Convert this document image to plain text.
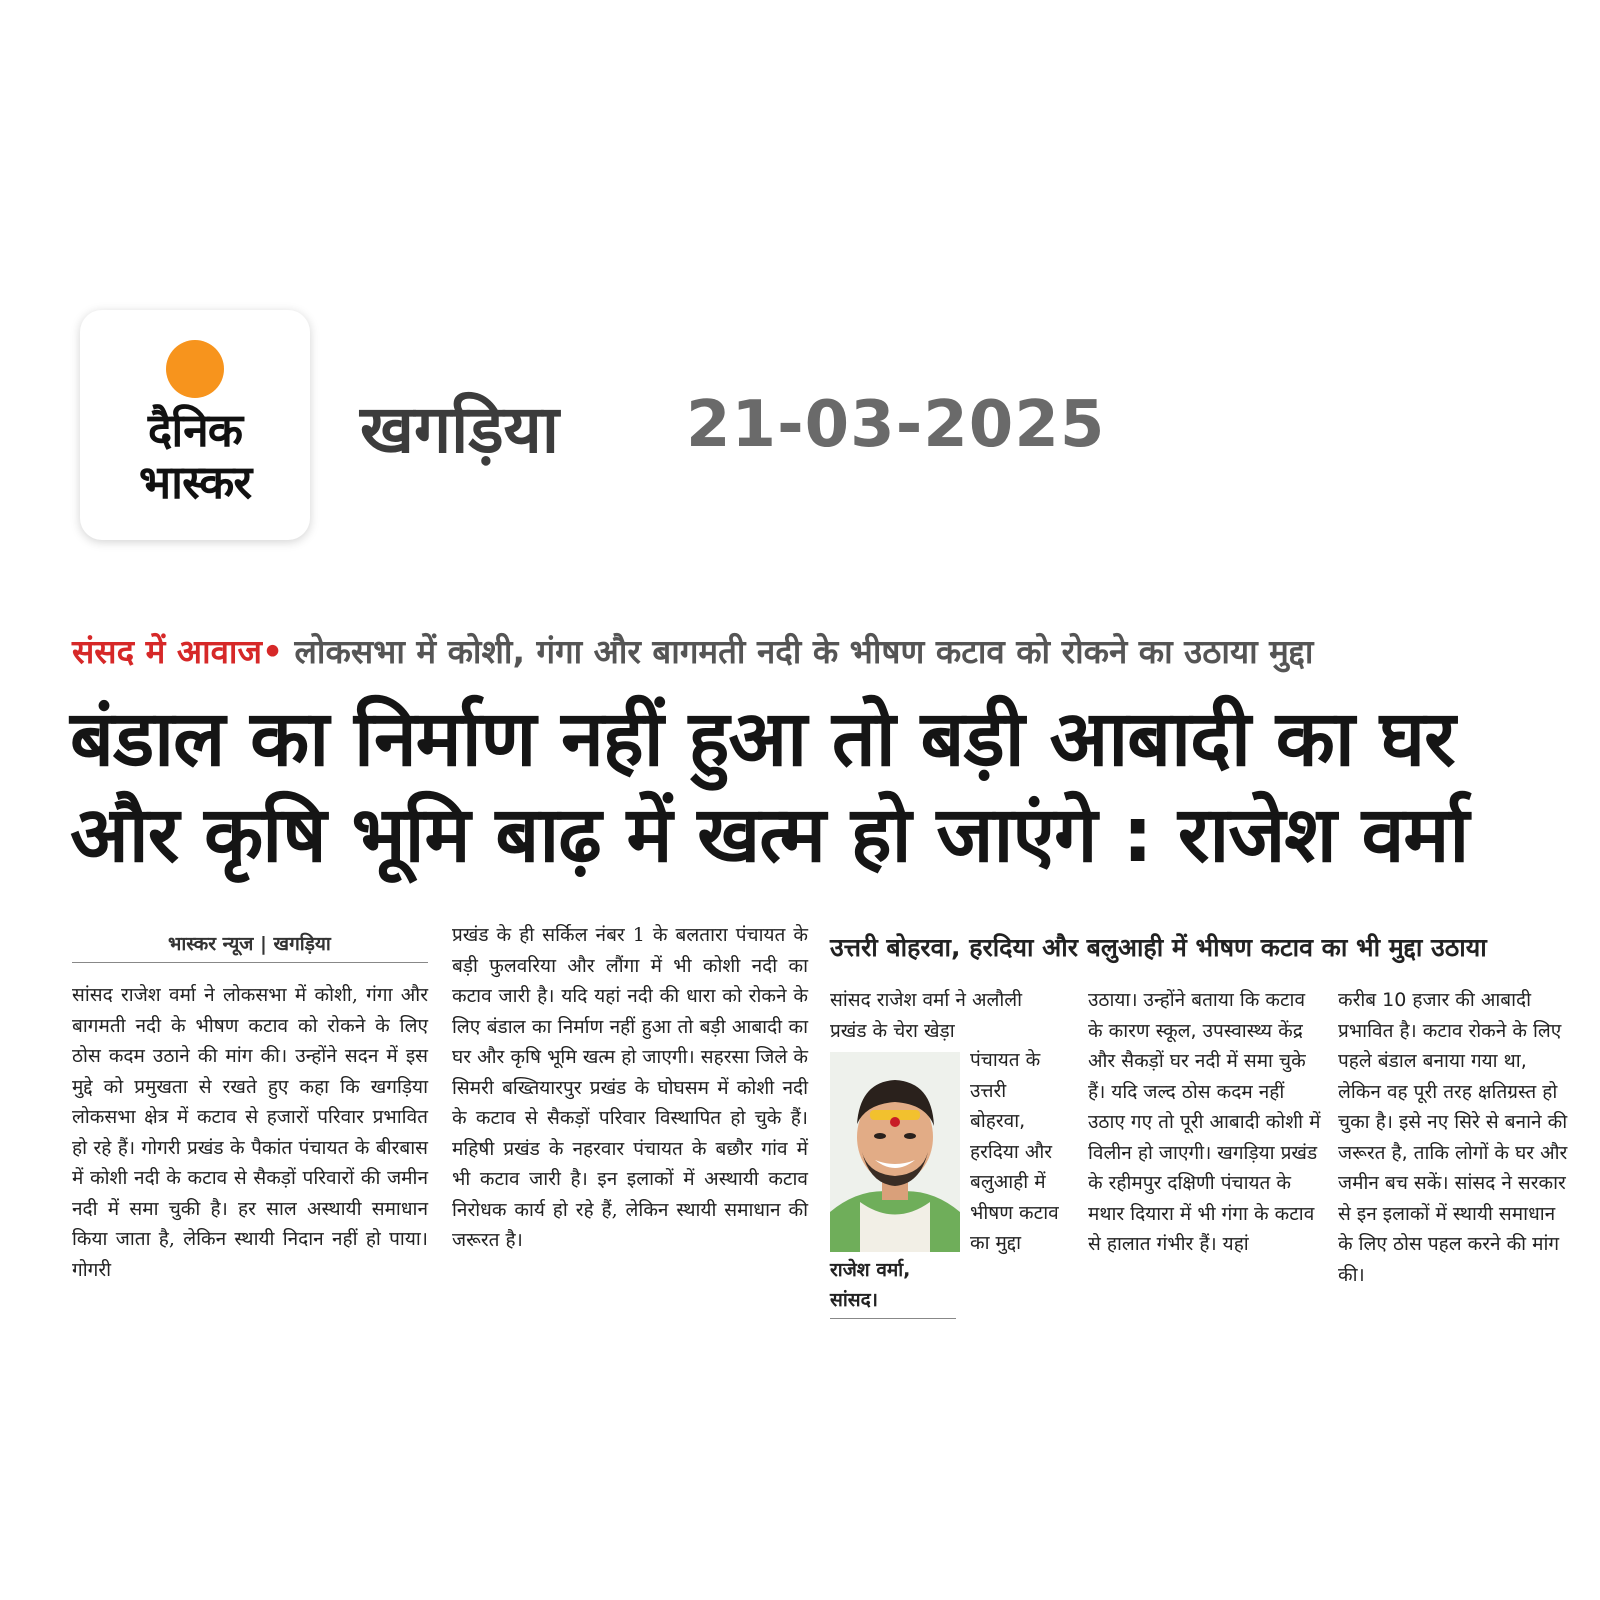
दैनिक
भास्कर
खगड़िया 21-03-2025
संसद में आवाज• लोकसभा में कोशी, गंगा और बागमती नदी के भीषण कटाव को रोकने का उठाया मुद्दा
बंडाल का निर्माण नहीं हुआ तो बड़ी आबादी का घर
और कृषि भूमि बाढ़ में खत्म हो जाएंगे : राजेश वर्मा
भास्कर न्यूज | खगड़िया
सांसद राजेश वर्मा ने लोकसभा में कोशी, गंगा और बागमती नदी के भीषण कटाव को रोकने के लिए ठोस कदम उठाने की मांग की। उन्होंने सदन में इस मुद्दे को प्रमुखता से रखते हुए कहा कि खगड़िया लोकसभा क्षेत्र में कटाव से हजारों परिवार प्रभावित हो रहे हैं। गोगरी प्रखंड के पैकांत पंचायत के बीरबास में कोशी नदी के कटाव से सैकड़ों परिवारों की जमीन नदी में समा चुकी है। हर साल अस्थायी समाधान किया जाता है, लेकिन स्थायी निदान नहीं हो पाया। गोगरी
प्रखंड के ही सर्किल नंबर 1 के बलतारा पंचायत के बड़ी फुलवरिया और लौंगा में भी कोशी नदी का कटाव जारी है। यदि यहां नदी की धारा को रोकने के लिए बंडाल का निर्माण नहीं हुआ तो बड़ी आबादी का घर और कृषि भूमि खत्म हो जाएगी। सहरसा जिले के सिमरी बख्तियारपुर प्रखंड के घोघसम में कोशी नदी के कटाव से सैकड़ों परिवार विस्थापित हो चुके हैं। महिषी प्रखंड के नहरवार पंचायत के बछौर गांव में भी कटाव जारी है। इन इलाकों में अस्थायी कटाव निरोधक कार्य हो रहे हैं, लेकिन स्थायी समाधान की जरूरत है।
उत्तरी बोहरवा, हरदिया और बलुआही में भीषण कटाव का भी मुद्दा उठाया
सांसद राजेश वर्मा ने अलौली प्रखंड के चेरा खेड़ा
राजेश वर्मा,
सांसद।
पंचायत के उत्तरी बोहरवा, हरदिया और बलुआही में भीषण कटाव का मुद्दा
उठाया। उन्होंने बताया कि कटाव के कारण स्कूल, उपस्वास्थ्य केंद्र और सैकड़ों घर नदी में समा चुके हैं। यदि जल्द ठोस कदम नहीं उठाए गए तो पूरी आबादी कोशी में विलीन हो जाएगी। खगड़िया प्रखंड के रहीमपुर दक्षिणी पंचायत के मथार दियारा में भी गंगा के कटाव से हालात गंभीर हैं। यहां
करीब 10 हजार की आबादी प्रभावित है। कटाव रोकने के लिए पहले बंडाल बनाया गया था, लेकिन वह पूरी तरह क्षतिग्रस्त हो चुका है। इसे नए सिरे से बनाने की जरूरत है, ताकि लोगों के घर और जमीन बच सकें। सांसद ने सरकार से इन इलाकों में स्थायी समाधान के लिए ठोस पहल करने की मांग की।
